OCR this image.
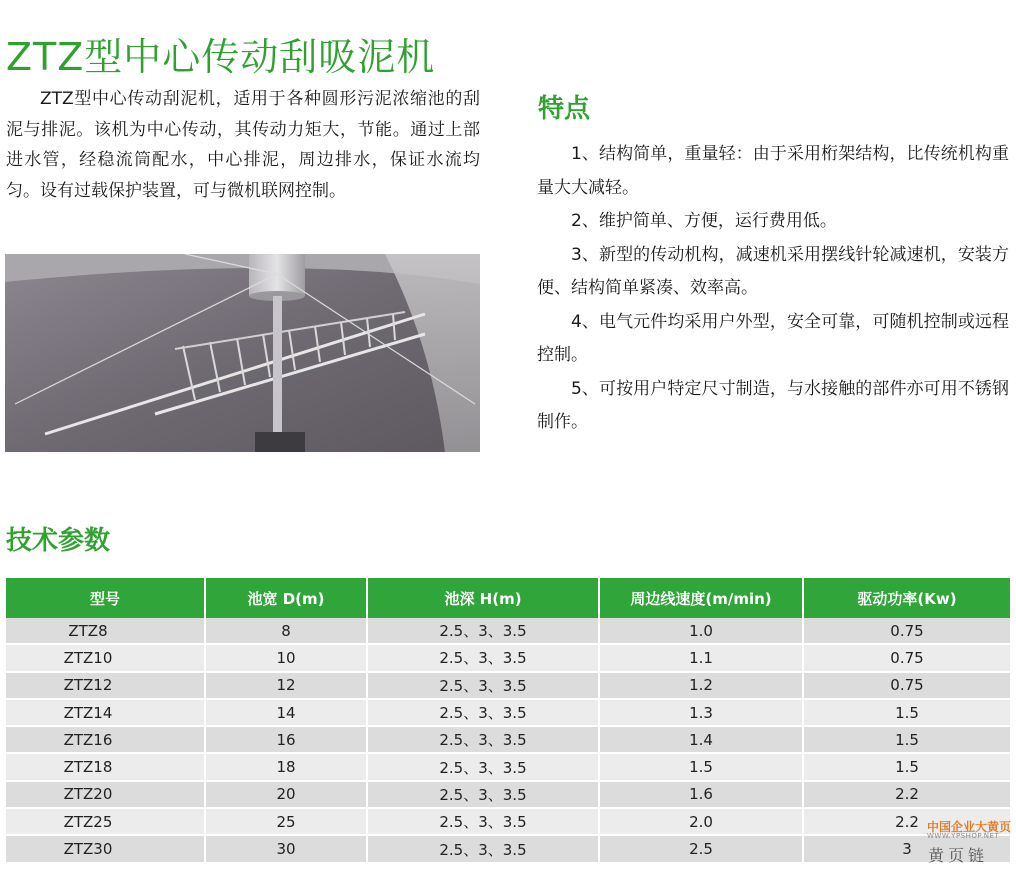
ZTZ型中心传动刮吸泥机
ZTZ型中心传动刮泥机，适用于各种圆形污泥浓缩池的刮泥与排泥。该机为中心传动，其传动力矩大，节能。通过上部进水管，经稳流筒配水，中心排泥，周边排水，保证水流均匀。设有过载保护装置，可与微机联网控制。
特点

1、结构简单，重量轻：由于采用桁架结构，比传统机构重量大大减轻。

2、维护简单、方便，运行费用低。

3、新型的传动机构，减速机采用摆线针轮减速机，安装方便、结构简单紧凑、效率高。

4、电气元件均采用户外型，安全可靠，可随机控制或远程控制。

5、可按用户特定尺寸制造，与水接触的部件亦可用不锈钢制作。

技术参数
型号	池宽 D(m)	池深 H(m)	周边线速度(m/min)	驱动功率(Kw)
ZTZ8	8	2.5、3、3.5	1.0	0.75
ZTZ10	10	2.5、3、3.5	1.1	0.75
ZTZ12	12	2.5、3、3.5	1.2	0.75
ZTZ14	14	2.5、3、3.5	1.3	1.5
ZTZ16	16	2.5、3、3.5	1.4	1.5
ZTZ18	18	2.5、3、3.5	1.5	1.5
ZTZ20	20	2.5、3、3.5	1.6	2.2
ZTZ25	25	2.5、3、3.5	2.0	2.2
ZTZ30	30	2.5、3、3.5	2.5	3
中国企业大黄页
WWW.YPSHOP.NET
黄页链
